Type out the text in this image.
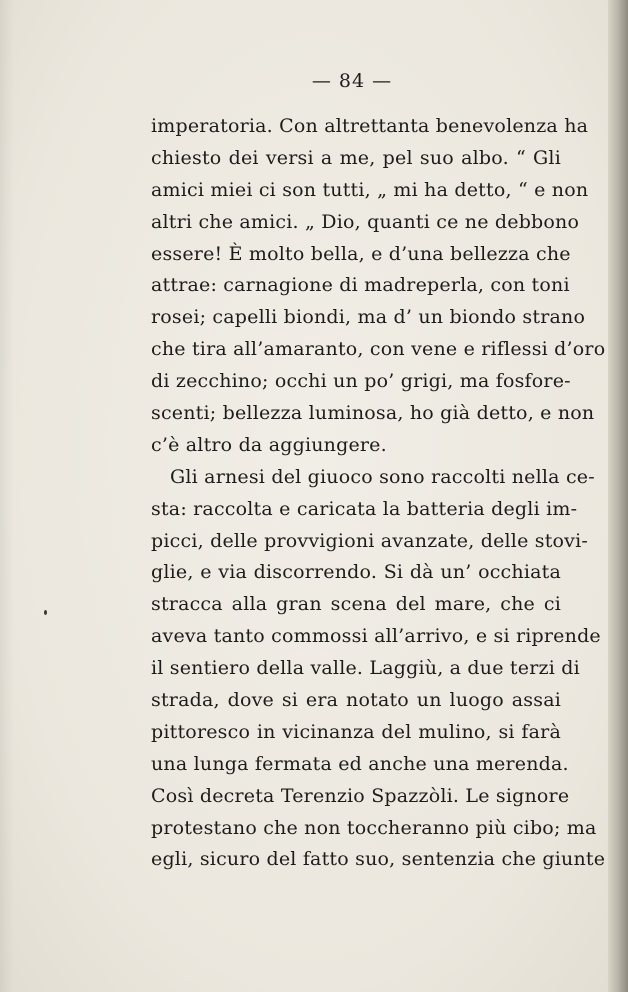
— 84 —
imperatoria. Con altrettanta benevolenza ha
chiesto dei versi a me, pel suo albo. “ Gli
amici miei ci son tutti, „ mi ha detto, “ e non
altri che amici. „ Dio, quanti ce ne debbono
essere! È molto bella, e d’una bellezza che
attrae: carnagione di madreperla, con toni
rosei; capelli biondi, ma d’ un biondo strano
che tira all’amaranto, con vene e riflessi d’oro
di zecchino; occhi un po’ grigi, ma fosfore-
scenti; bellezza luminosa, ho già detto, e non
c’è altro da aggiungere.
Gli arnesi del giuoco sono raccolti nella ce-
sta: raccolta e caricata la batteria degli im-
picci, delle provvigioni avanzate, delle stovi-
glie, e via discorrendo. Si dà un’ occhiata
stracca alla gran scena del mare, che ci
aveva tanto commossi all’arrivo, e si riprende
il sentiero della valle. Laggiù, a due terzi di
strada, dove si era notato un luogo assai
pittoresco in vicinanza del mulino, si farà
una lunga fermata ed anche una merenda.
Così decreta Terenzio Spazzòli. Le signore
protestano che non toccheranno più cibo; ma
egli, sicuro del fatto suo, sentenzia che giunte
